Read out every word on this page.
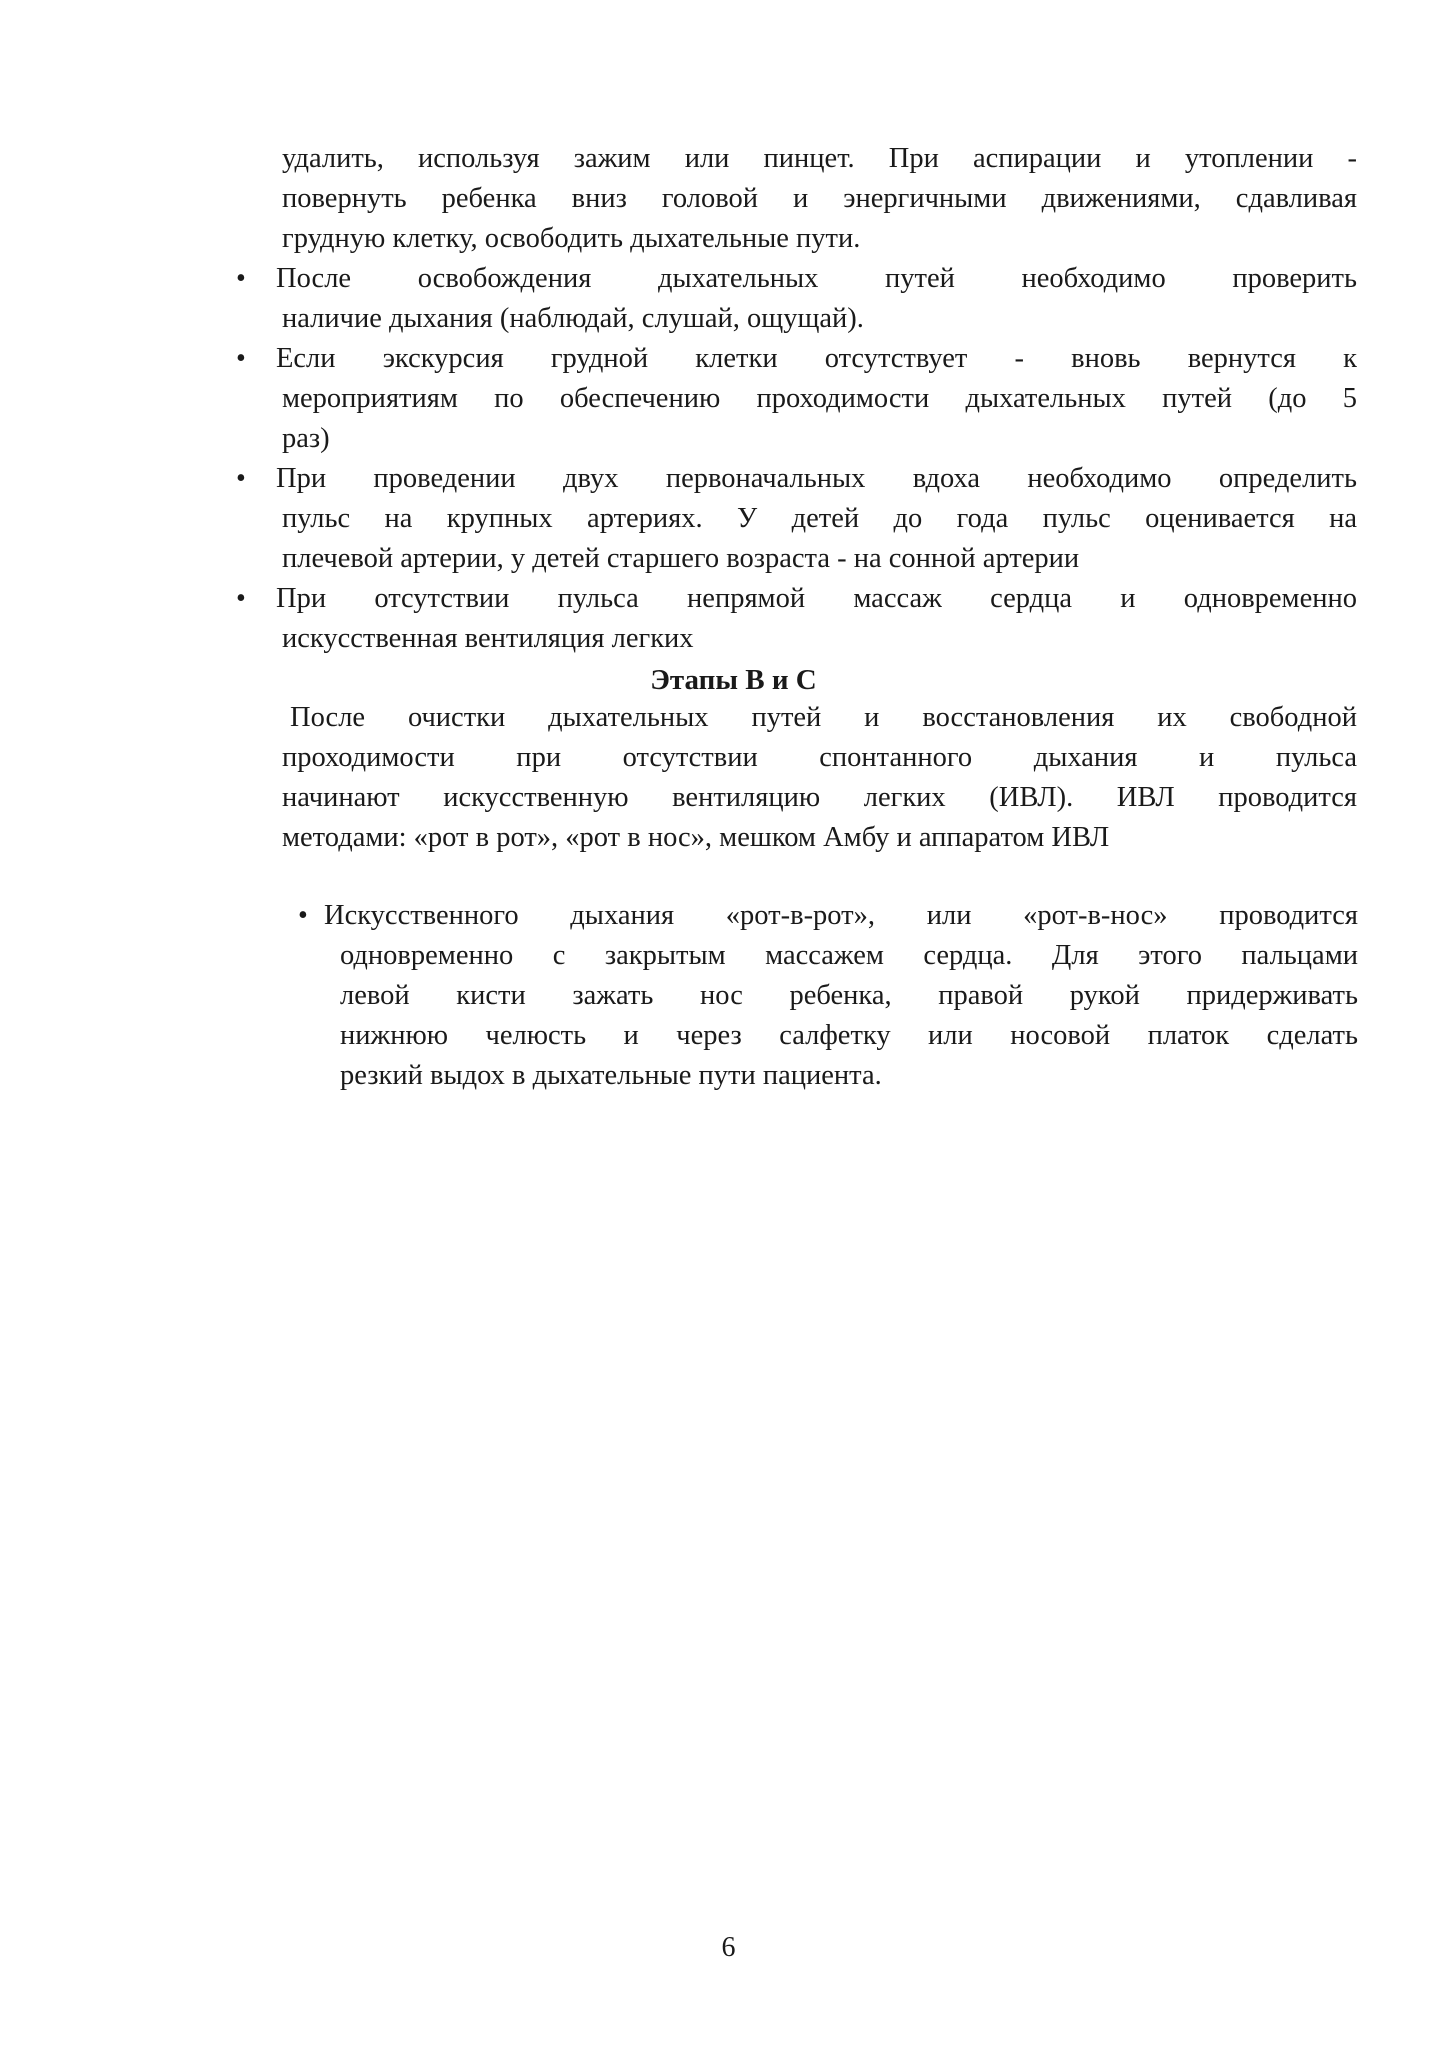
удалить, используя зажим или пинцет. При аспирации и утоплении -
повернуть ребенка вниз головой и энергичными движениями, сдавливая
грудную клетку, освободить дыхательные пути.
• После освобождения дыхательных путей необходимо проверить
наличие дыхания (наблюдай, слушай, ощущай).
• Если экскурсия грудной клетки отсутствует - вновь вернутся к
мероприятиям по обеспечению проходимости дыхательных путей (до 5
раз)
• При проведении двух первоначальных вдоха необходимо определить
пульс на крупных артериях. У детей до года пульс оценивается на
плечевой артерии, у детей старшего возраста - на сонной артерии
• При отсутствии пульса непрямой массаж сердца и одновременно
искусственная вентиляция легких
Этапы В и С
После очистки дыхательных путей и восстановления их свободной
проходимости при отсутствии спонтанного дыхания и пульса
начинают искусственную вентиляцию легких (ИВЛ). ИВЛ проводится
методами: «рот в рот», «рот в нос», мешком Амбу и аппаратом ИВЛ
• Искусственного дыхания «рот-в-рот», или «рот-в-нос» проводится
одновременно с закрытым массажем сердца. Для этого пальцами
левой кисти зажать нос ребенка, правой рукой придерживать
нижнюю челюсть и через салфетку или носовой платок сделать
резкий выдох в дыхательные пути пациента.
6
